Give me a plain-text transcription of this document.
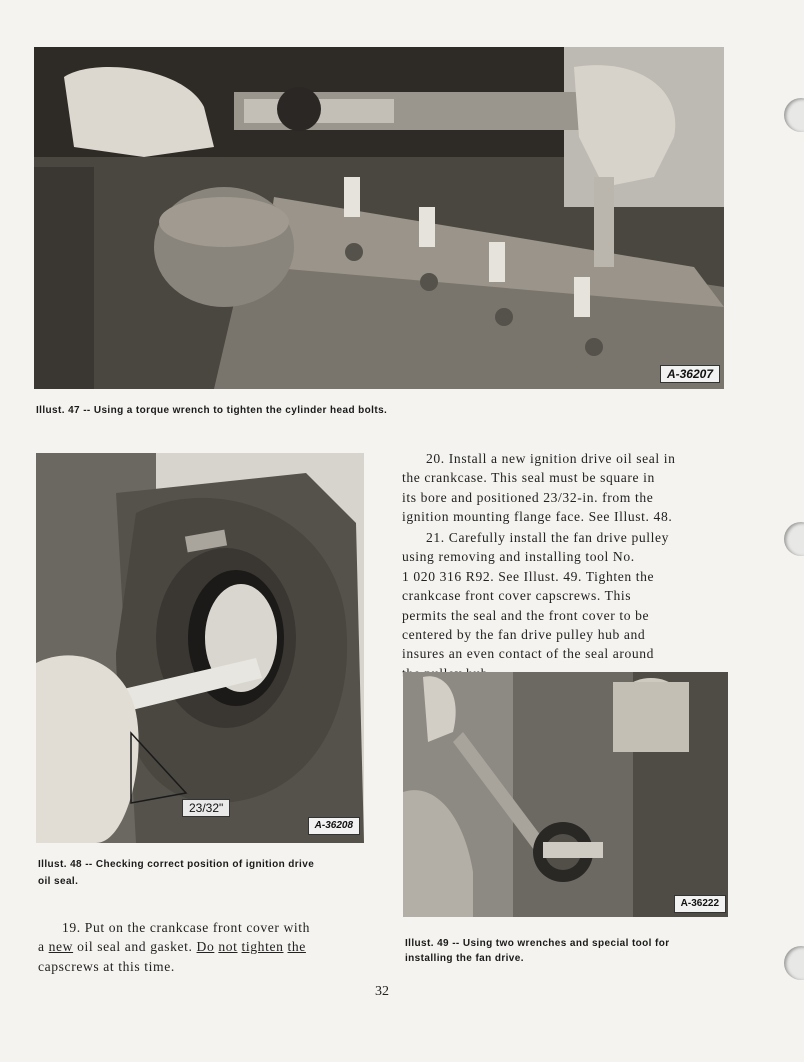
A-36207
Illust. 47 -- Using a torque wrench to tighten the cylinder head bolts.
23/32"
A-36208
Illust. 48 -- Checking correct position of ignition drive
oil seal.
20. Install a new ignition drive oil seal in
the crankcase. This seal must be square in
its bore and positioned 23/32-in. from the
ignition mounting flange face. See Illust. 48.
21. Carefully install the fan drive pulley
using removing and installing tool No.
1 020 316 R92. See Illust. 49. Tighten the
crankcase front cover capscrews. This
permits the seal and the front cover to be
centered by the fan drive pulley hub and
insures an even contact of the seal around
A-36222
Illust. 49 -- Using two wrenches and special tool for
installing the fan drive.
19. Put on the crankcase front cover with
a new oil seal and gasket. Do not tighten the
capscrews at this time.
32
